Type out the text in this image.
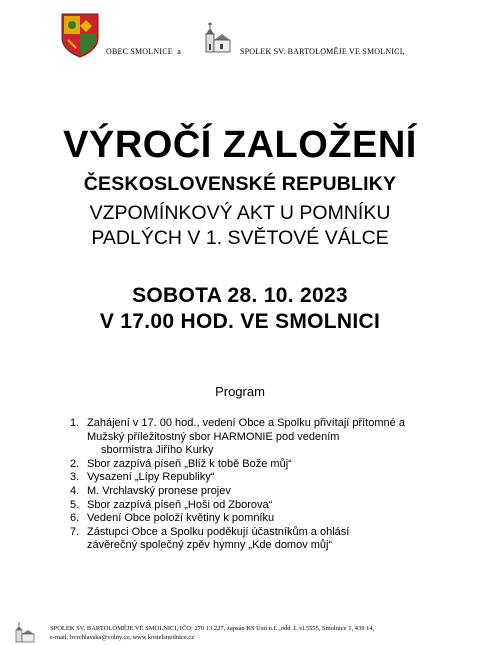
OBEC SMOLNICE a	SPOLEK SV. BARTOLOMĚJE VE SMOLNICI,
VÝROČÍ ZALOŽENÍ
ČESKOSLOVENSKÉ REPUBLIKY
VZPOMÍNKOVÝ AKT U POMNÍKU
PADLÝCH V 1. SVĚTOVÉ VÁLCE
SOBOTA 28. 10. 2023
V 17.00 HOD. VE SMOLNICI
Program
1. Zahájení v 17. 00 hod., vedení Obce a Spolku přivítají přítomné a
Mužský příležitostný sbor HARMONIE pod vedením
sbormistra Jiřího Kurky
2. Sbor zazpívá píseň „Blíž k tobě Bože můj“
3. Vysazení „Lípy Republiky“
4. M. Vrchlavský pronese projev
5. Sbor zazpívá píseň „Hoši od Zborova“
6. Vedení Obce položí květiny k pomníku
7. Zástupci Obce a Spolku poděkují účastníkům a ohlásí
závěrečný společný zpěv hymny „Kde domov můj“
SPOLEK SV. BARTOLOMĚJE VE SMOLNICI, IČO: 270 13 227, zapsán KS Ústí n.L.,odd .L vl.5555, Smolnice 1, 439 14,
e-mail: hvrchlavska@volny.cz, www.kostelsmolnice.cz
